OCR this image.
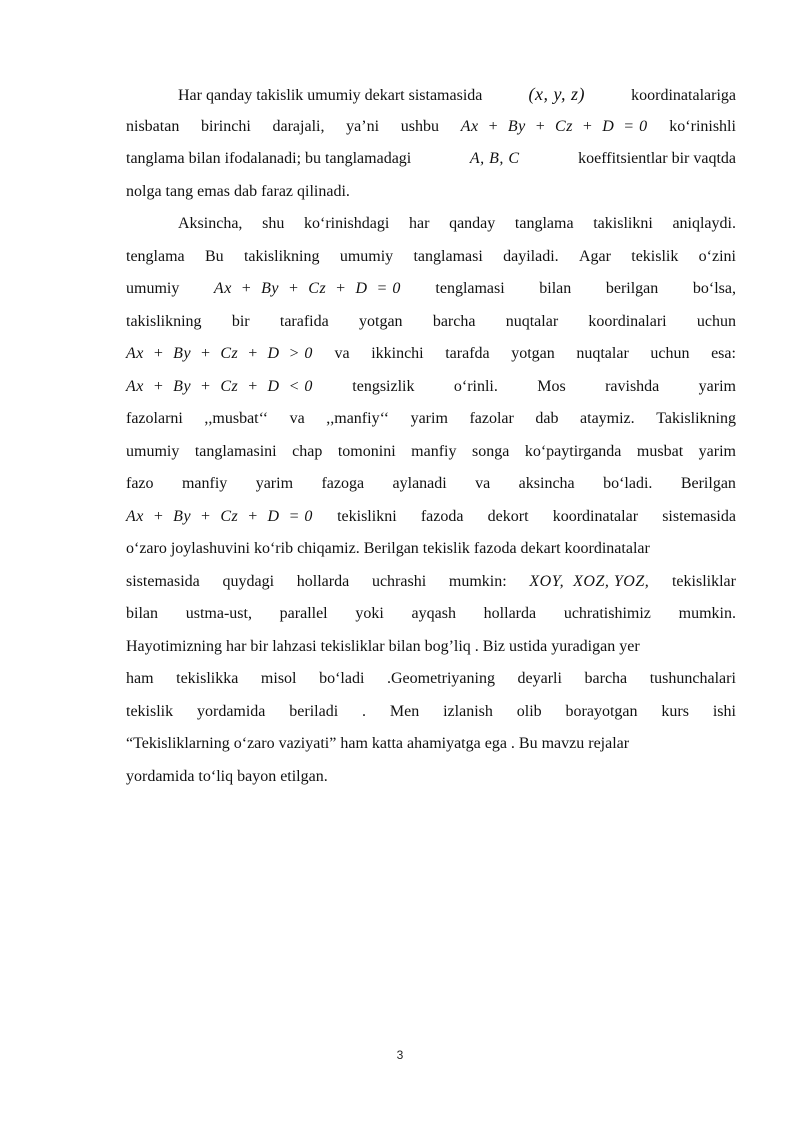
Har qanday takislik umumiy dekart sistamasida	(x, y, z)	koordinatalariga
nisbatan birinchi darajali, ya’ni ushbu Ax  +  By  +  Cz  +  D  = 0 ko‘rinishli
tanglama bilan ifodalanadi; bu tanglamadagi	A, B, C	koeffitsientlar bir vaqtda
nolga tang emas dab faraz qilinadi.
Aksincha, shu ko‘rinishdagi har qanday tanglama takislikni aniqlaydi.
tenglama Bu takislikning umumiy tanglamasi dayiladi. Agar tekislik o‘zini
umumiy Ax  +  By  +  Cz  +  D  = 0 tenglamasi bilan berilgan bo‘lsa,
takislikning bir tarafida yotgan barcha nuqtalar koordinalari uchun
Ax  +  By  +  Cz  +  D  > 0 va ikkinchi tarafda yotgan nuqtalar uchun esa:
Ax  +  By  +  Cz  +  D  < 0 tengsizlik o‘rinli. Mos ravishda yarim
fazolarni ,,musbat‘‘ va ,,manfiy‘‘ yarim fazolar dab ataymiz. Takislikning
umumiy tanglamasini chap tomonini manfiy songa ko‘paytirganda musbat yarim
fazo manfiy yarim fazoga aylanadi va aksincha bo‘ladi. Berilgan
Ax  +  By  +  Cz  +  D  = 0 tekislikni fazoda dekort koordinatalar sistemasida
o‘zaro joylashuvini ko‘rib chiqamiz. Berilgan tekislik fazoda dekart koordinatalar
sistemasida quydagi hollarda uchrashi mumkin: XOY,  XOZ, YOZ, tekisliklar
bilan ustma-ust, parallel yoki ayqash hollarda uchratishimiz mumkin.
Hayotimizning har bir lahzasi tekisliklar bilan bog’liq . Biz ustida yuradigan yer
ham tekislikka misol bo‘ladi .Geometriyaning deyarli barcha tushunchalari
tekislik yordamida beriladi . Men izlanish olib borayotgan kurs ishi
“Tekisliklarning o‘zaro vaziyati” ham katta ahamiyatga ega . Bu mavzu rejalar
yordamida to‘liq bayon etilgan.
3
